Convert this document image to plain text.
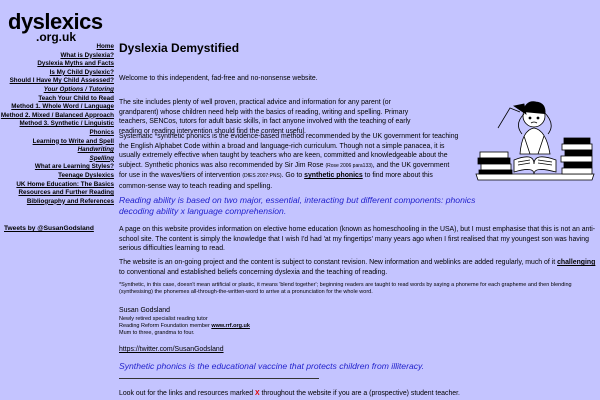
dyslexics
.org.uk
Home
What is Dyslexia?
Dyslexia Myths and Facts
Is My Child Dyslexic?
Should I Have My Child Assessed?
Your Options / Tutoring
Teach Your Child to Read
Method 1. Whole Word / Language
Method 2. Mixed / Balanced Approach
Method 3. Synthetic / Linguistic
Phonics
Learning to Write and Spell
Handwriting
Spelling
What are Learning Styles?
Teenage Dyslexics
UK Home Education: The Basics
Resources and Further Reading
Bibliography and References
Tweets by @SusanGodsland
Dyslexia Demystified

Welcome to this independent, fad-free and no-nonsense website.

The site includes plenty of well proven, practical advice and information for any parent (or grandparent) whose children need help with the basics of reading, writing and spelling. Primary teachers, SENCos, tutors for adult basic skills, in fact anyone involved with the teaching of early reading or reading intervention should find the content useful.

Systematic *synthetic phonics is the evidence-based method recommended by the UK government for teaching the English Alphabet Code within a broad and language-rich curriculum. Though not a simple panacea, it is usually extremely effective when taught by teachers who are keen, committed and knowledgeable about the subject. Synthetic phonics was also recommended by Sir Jim Rose (Rose 2006 para133), and the UK government for use in the waves/tiers of intervention (DfES 2007:PNS). Go to synthetic phonics to find more about this common-sense way to teach reading and spelling.

Reading ability is based on two major, essential, interacting but different components: phonics decoding ability x language comprehension.

A page on this website provides information on elective home education (known as homeschooling in the USA), but I must emphasise that this is not an anti-school site. The content is simply the knowledge that I wish I'd had 'at my fingertips' many years ago when I first realised that my youngest son was having serious difficulties learning to read.

The website is an on-going project and the content is subject to constant revision. New information and weblinks are added regularly, much of it challenging to conventional and established beliefs concerning dyslexia and the teaching of reading.

*Synthetic, in this case, doesn't mean artificial or plastic, it means 'blend together'; beginning readers are taught to read words by saying a phoneme for each grapheme and then blending (synthesising) the phonemes all-through-the-written-word to arrive at a pronunciation for the whole word.

Susan Godsland

Newly retired specialist reading tutor

Reading Reform Foundation member www.rrf.org.uk

Mum to three, grandma to four.

https://twitter.com/SusanGodsland

Synthetic phonics is the educational vaccine that protects children from illiteracy.

Look out for the links and resources marked X throughout the website if you are a (prospective) student teacher.
